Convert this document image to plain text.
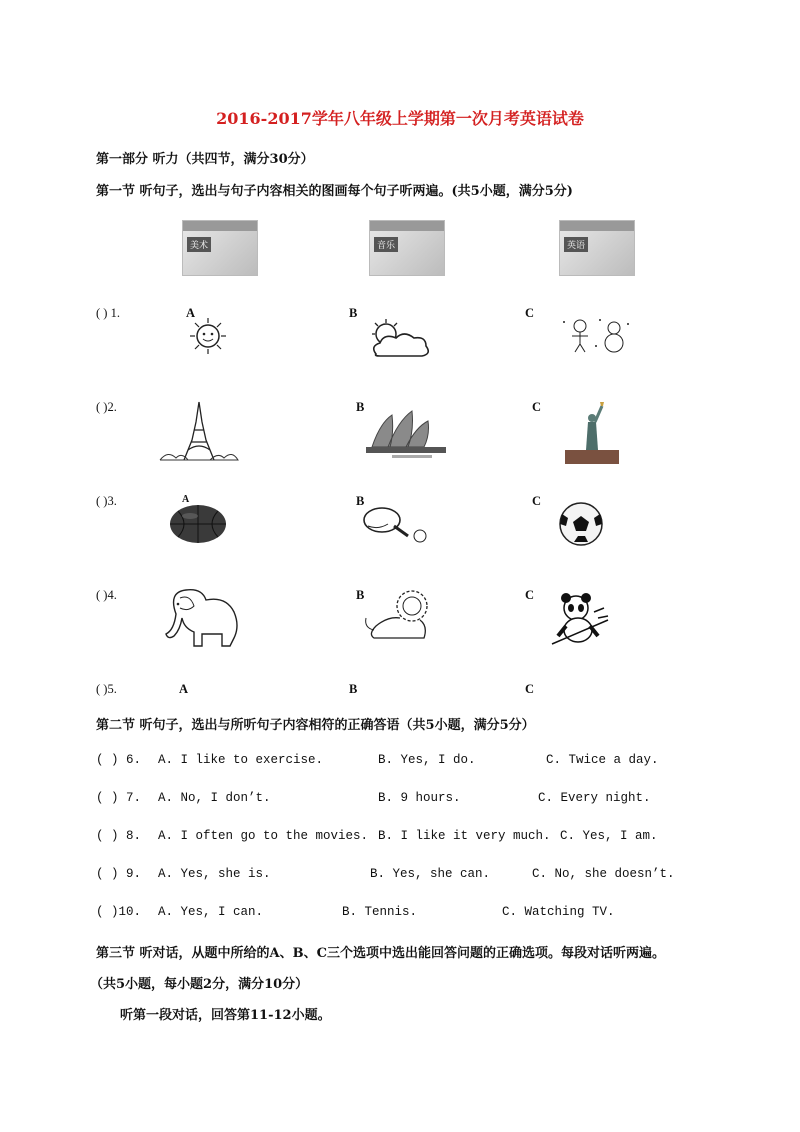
2016-2017学年八年级上学期第一次月考英语试卷
第一部分 听力（共四节，满分30分）
第一节 听句子，选出与句子内容相关的图画每个句子听两遍。(共5小题，满分5分)
美术	音乐	英语
( ) 1.	A	B	C
( )2.	B	C
( )3.	A	B	C
( )4.	B	C
( )5.	A	B	C
第二节 听句子，选出与所听句子内容相符的正确答语（共5小题，满分5分）
( ) 6. A. I like to exercise.	B. Yes, I do.	C. Twice a day.
( ) 7. A. No, I don’t.	B. 9 hours.	C. Every night.
( ) 8. A. I often go to the movies. B. I like it very much. C. Yes, I am.
( ) 9. A. Yes, she is.	B. Yes, she can.	C. No, she doesn’t.
( )10. A. Yes, I can.	B. Tennis.	C. Watching TV.
第三节 听对话，从题中所给的A、B、C三个选项中选出能回答问题的正确选项。每段对话听两遍。
（共5小题，每小题2分，满分10分）
听第一段对话，回答第11-12小题。
